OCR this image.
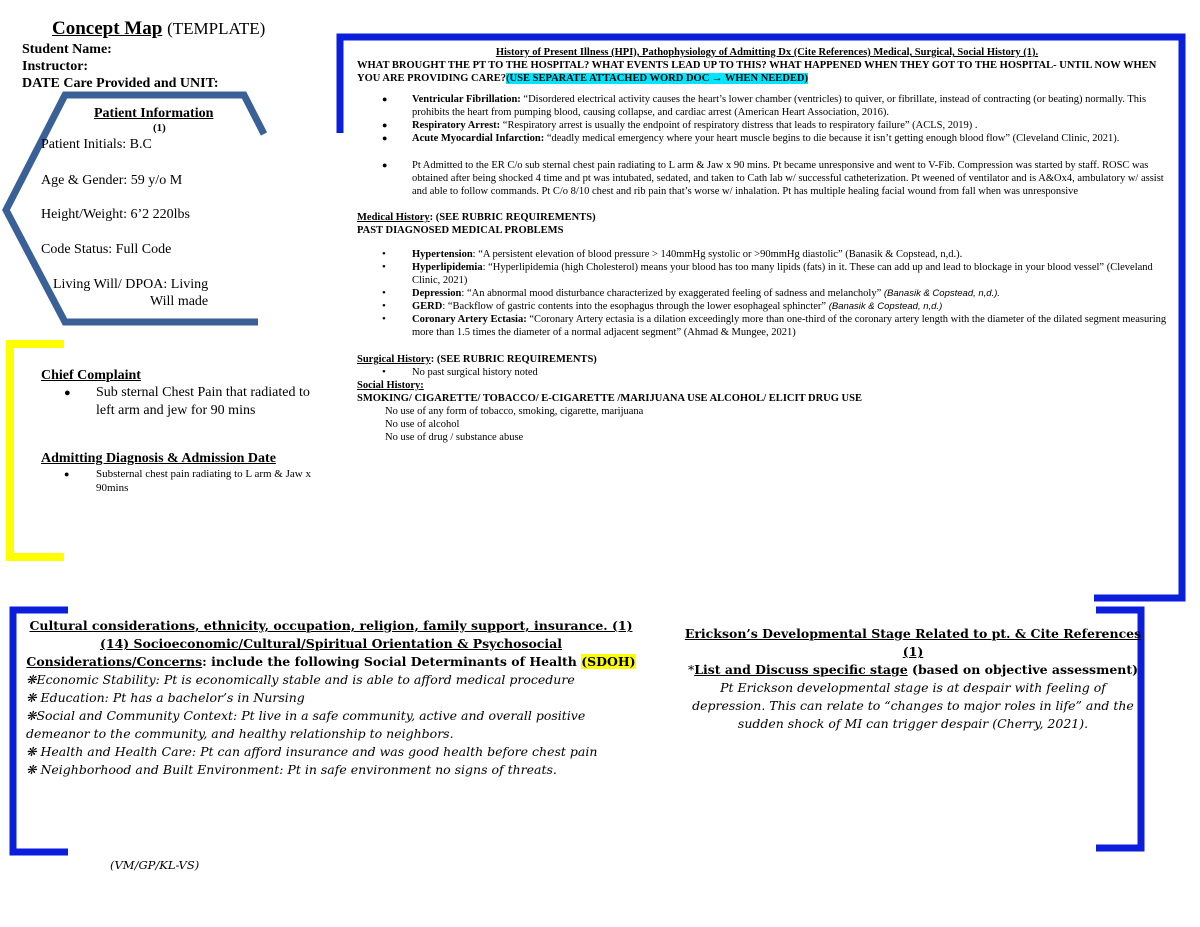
Concept Map (TEMPLATE)
Student Name:
Instructor:
DATE Care Provided and UNIT:
Patient Information
(1)
Patient Initials: B.C
Age & Gender: 59 y/o M
Height/Weight: 6’2 220lbs
Code Status: Full Code
Living Will/ DPOA: Living
Will made
Chief Complaint
● Sub sternal Chest Pain that radiated to left arm and jew for 90 mins
Admitting Diagnosis & Admission Date
● Substernal chest pain radiating to L arm & Jaw x 90mins
History of Present Illness (HPI), Pathophysiology of Admitting Dx (Cite References) Medical, Surgical, Social History (1).
WHAT BROUGHT THE PT TO THE HOSPITAL? WHAT EVENTS LEAD UP TO THIS? WHAT HAPPENED WHEN THEY GOT TO THE HOSPITAL- UNTIL NOW WHEN YOU ARE PROVIDING CARE?(USE SEPARATE ATTACHED WORD DOC → WHEN NEEDED)
● Ventricular Fibrillation: “Disordered electrical activity causes the heart’s lower chamber (ventricles) to quiver, or fibrillate, instead of contracting (or beating) normally. This prohibits the heart from pumping blood, causing collapse, and cardiac arrest (American Heart Association, 2016).
● Respiratory Arrest: “Respiratory arrest is usually the endpoint of respiratory distress that leads to respiratory failure” (ACLS, 2019) .
● Acute Myocardial Infarction: “deadly medical emergency where your heart muscle begins to die because it isn’t getting enough blood flow” (Cleveland Clinic, 2021).
● Pt Admitted to the ER C/o sub sternal chest pain radiating to L arm & Jaw x 90 mins. Pt became unresponsive and went to V-Fib. Compression was started by staff. ROSC was obtained after being shocked 4 time and pt was intubated, sedated, and taken to Cath lab w/ successful catheterization. Pt weened of ventilator and is A&Ox4, ambulatory w/ assist and able to follow commands. Pt C/o 8/10 chest and rib pain that’s worse w/ inhalation. Pt has multiple healing facial wound from fall when was unresponsive
Medical History: (SEE RUBRIC REQUIREMENTS)
PAST DIAGNOSED MEDICAL PROBLEMS
• Hypertension: “A persistent elevation of blood pressure > 140mmHg systolic or >90mmHg diastolic” (Banasik & Copstead, n,d.).
• Hyperlipidemia: “Hyperlipidemia (high Cholesterol) means your blood has too many lipids (fats) in it. These can add up and lead to blockage in your blood vessel” (Cleveland Clinic, 2021)
• Depression: “An abnormal mood disturbance characterized by exaggerated feeling of sadness and melancholy” (Banasik & Copstead, n,d.).
• GERD: “Backflow of gastric contents into the esophagus through the lower esophageal sphincter” (Banasik & Copstead, n,d.)
• Coronary Artery Ectasia: “Coronary Artery ectasia is a dilation exceedingly more than one-third of the coronary artery length with the diameter of the dilated segment measuring more than 1.5 times the diameter of a normal adjacent segment” (Ahmad & Mungee, 2021)
Surgical History: (SEE RUBRIC REQUIREMENTS)
• No past surgical history noted
Social History:
SMOKING/ CIGARETTE/ TOBACCO/ E-CIGARETTE /MARIJUANA USE ALCOHOL/ ELICIT DRUG USE
No use of any form of tobacco, smoking, cigarette, marijuana
No use of alcohol
No use of drug / substance abuse
Cultural considerations, ethnicity, occupation, religion, family support, insurance. (1)
(14) Socioeconomic/Cultural/Spiritual Orientation & Psychosocial
Considerations/Concerns: include the following Social Determinants of Health (SDOH)
❋Economic Stability: Pt is economically stable and is able to afford medical procedure
❋ Education: Pt has a bachelor’s in Nursing
❋Social and Community Context: Pt live in a safe community, active and overall positive demeanor to the community, and healthy relationship to neighbors.
❋ Health and Health Care: Pt can afford insurance and was good health before chest pain
❋ Neighborhood and Built Environment: Pt in safe environment no signs of threats.
(VM/GP/KL-VS)
Erickson’s Developmental Stage Related to pt. & Cite References (1)
*List and Discuss specific stage (based on objective assessment)
Pt Erickson developmental stage is at despair with feeling of depression. This can relate to “changes to major roles in life” and the sudden shock of MI can trigger despair (Cherry, 2021).
